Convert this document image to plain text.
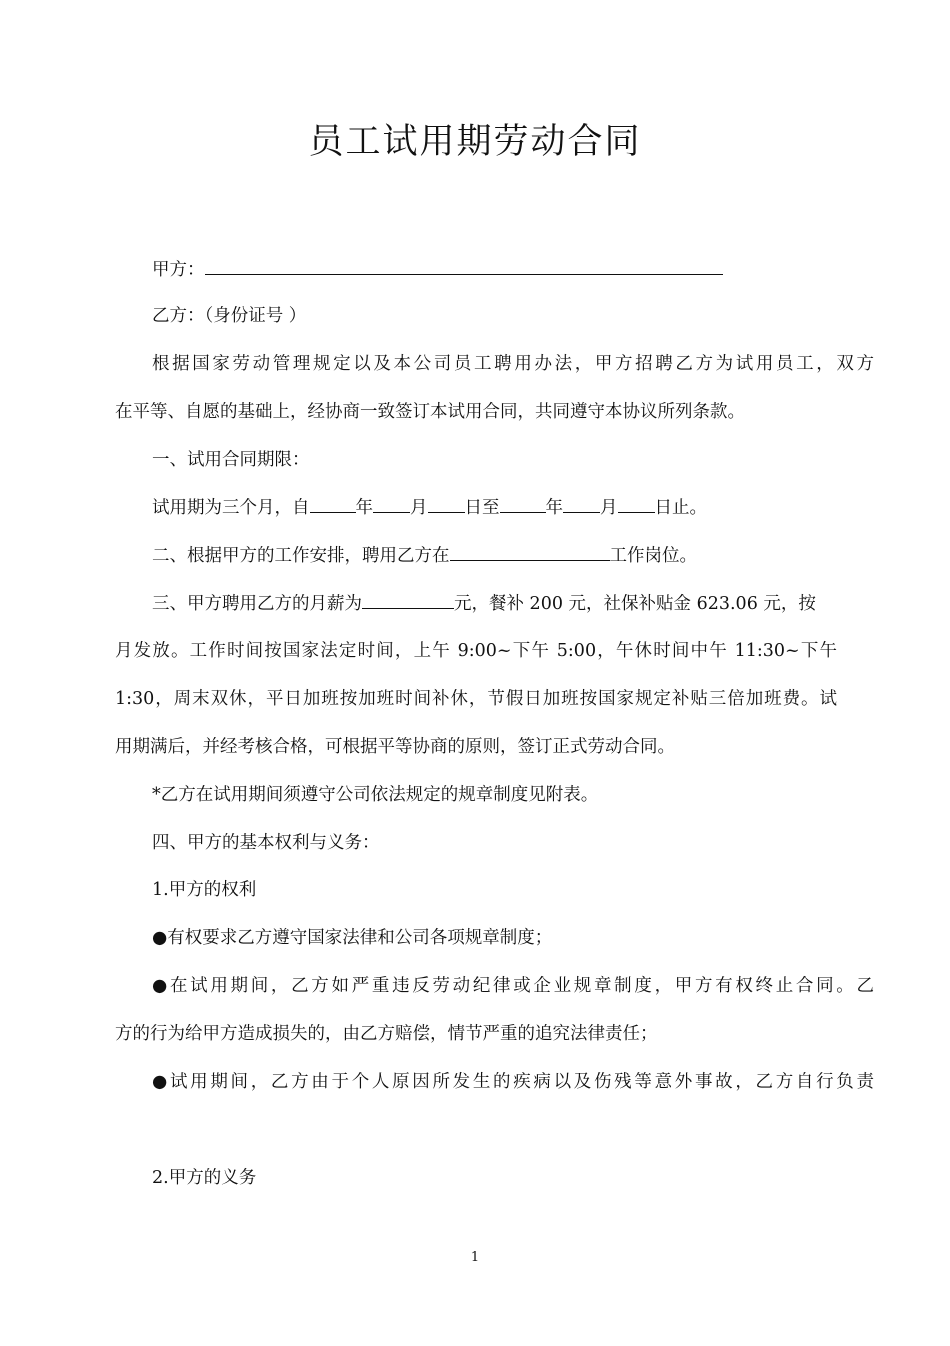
员工试用期劳动合同
甲方：
乙方：（身份证号 ）
根据国家劳动管理规定以及本公司员工聘用办法，甲方招聘乙方为试用员工，双方
在平等、自愿的基础上，经协商一致签订本试用合同，共同遵守本协议所列条款。
一、试用合同期限：
试用期为三个月，自	年 月 日至	年 月 日止。
二、根据甲方的工作安排，聘用乙方在	工作岗位。
三、甲方聘用乙方的月薪为	元，餐补 200 元，社保补贴金 623.06 元，按
月发放。工作时间按国家法定时间，上午 9:00~下午 5:00，午休时间中午 11:30~下午
1:30，周末双休，平日加班按加班时间补休，节假日加班按国家规定补贴三倍加班费。试
用期满后，并经考核合格，可根据平等协商的原则，签订正式劳动合同。
*乙方在试用期间须遵守公司依法规定的规章制度见附表。
四、甲方的基本权利与义务：
1.甲方的权利
●有权要求乙方遵守国家法律和公司各项规章制度；
●在试用期间，乙方如严重违反劳动纪律或企业规章制度，甲方有权终止合同。乙
方的行为给甲方造成损失的，由乙方赔偿，情节严重的追究法律责任；
●试用期间，乙方由于个人原因所发生的疾病以及伤残等意外事故，乙方自行负责
2.甲方的义务
1
